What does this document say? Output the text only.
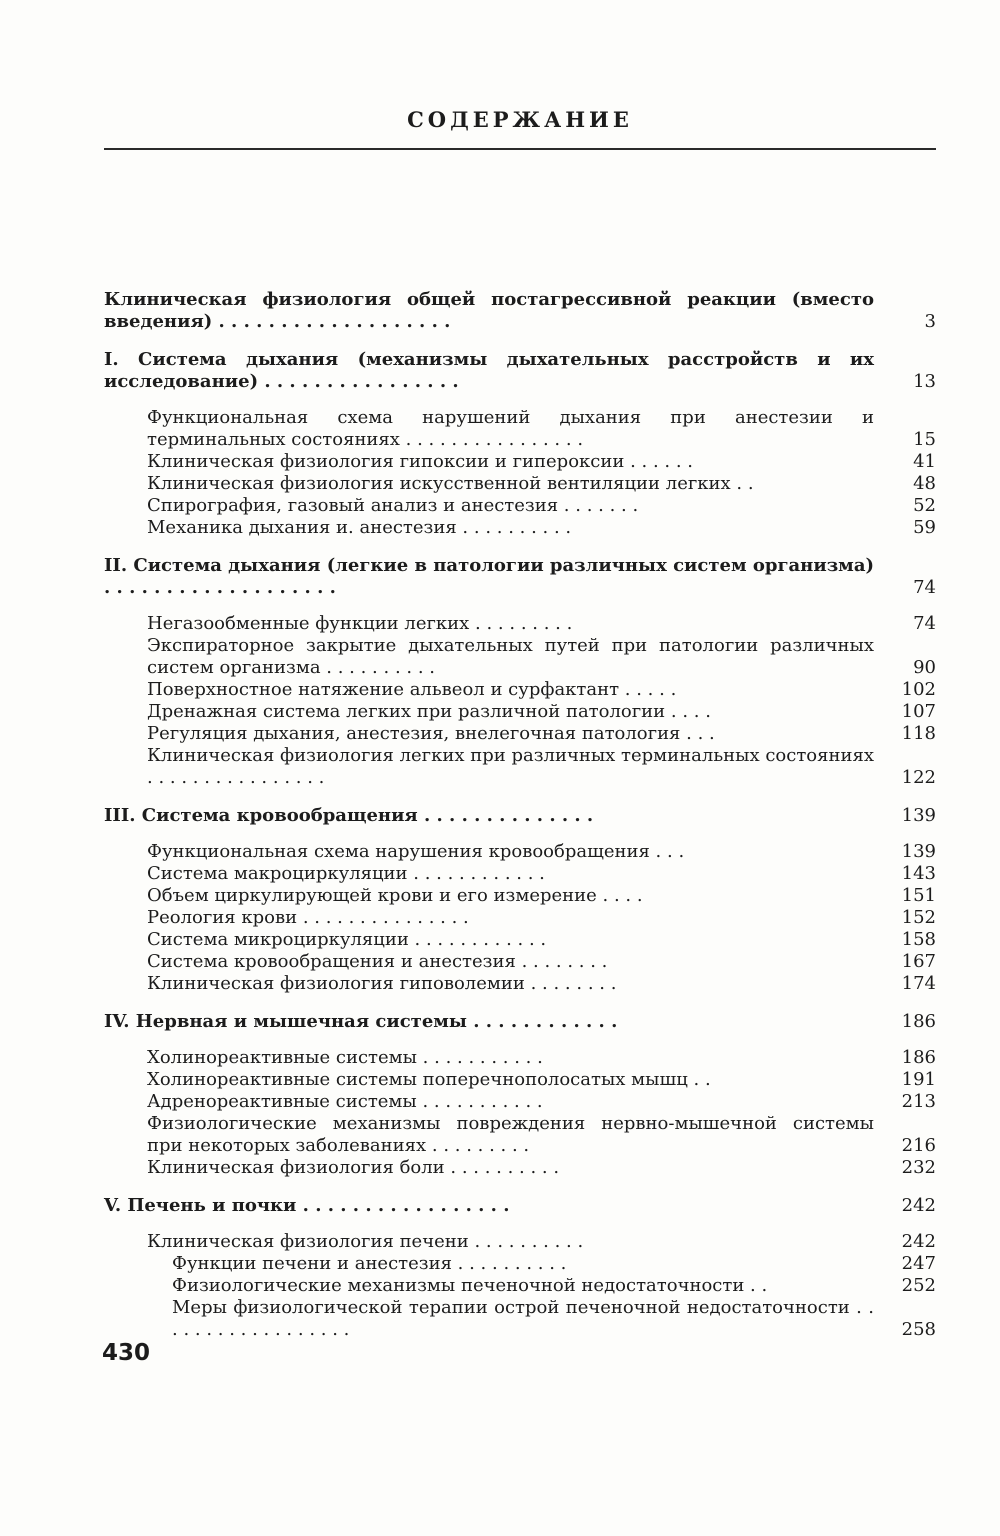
СОДЕРЖАНИЕ
Клиническая физиология общей постагрессивной реакции (вместо введения) . . . . . . . . . . . . . . . . . . .	3
I. Система дыхания (механизмы дыхательных расстройств и их исследование) . . . . . . . . . . . . . . . .	13
Функциональная схема нарушений дыхания при анестезии и терминальных состояниях . . . . . . . . . . . . . . . .	15
Клиническая физиология гипоксии и гипероксии . . . . . .	41
Клиническая физиология искусственной вентиляции легких . .	48
Спирография, газовый анализ и анестезия . . . . . . .	52
Механика дыхания и. анестезия . . . . . . . . . .	59
II. Система дыхания (легкие в патологии различных систем организма) . . . . . . . . . . . . . . . . . . .	74
Негазообменные функции легких . . . . . . . . .	74
Экспираторное закрытие дыхательных путей при патологии различных систем организма . . . . . . . . . .	90
Поверхностное натяжение альвеол и сурфактант . . . . .	102
Дренажная система легких при различной патологии . . . .	107
Регуляция дыхания, анестезия, внелегочная патология . . .	118
Клиническая физиология легких при различных терминальных состояниях . . . . . . . . . . . . . . . .	122
III. Система кровообращения . . . . . . . . . . . . . .	139
Функциональная схема нарушения кровообращения . . .	139
Система макроциркуляции . . . . . . . . . . . .	143
Объем циркулирующей крови и его измерение . . . .	151
Реология крови . . . . . . . . . . . . . . .	152
Система микроциркуляции . . . . . . . . . . . .	158
Система кровообращения и анестезия . . . . . . . .	167
Клиническая физиология гиповолемии . . . . . . . .	174
IV. Нервная и мышечная системы . . . . . . . . . . . .	186
Холинореактивные системы . . . . . . . . . . .	186
Холинореактивные системы поперечнополосатых мышц . .	191
Адренореактивные системы . . . . . . . . . . .	213
Физиологические механизмы повреждения нервно-мышечной системы при некоторых заболеваниях . . . . . . . . .	216
Клиническая физиология боли . . . . . . . . . .	232
V. Печень и почки . . . . . . . . . . . . . . . . .	242
Клиническая физиология печени . . . . . . . . . .	242
Функции печени и анестезия . . . . . . . . . .	247
Физиологические механизмы печеночной недостаточности . .	252
Меры физиологической терапии острой печеночной недостаточности . . . . . . . . . . . . . . . . . .	258
430
